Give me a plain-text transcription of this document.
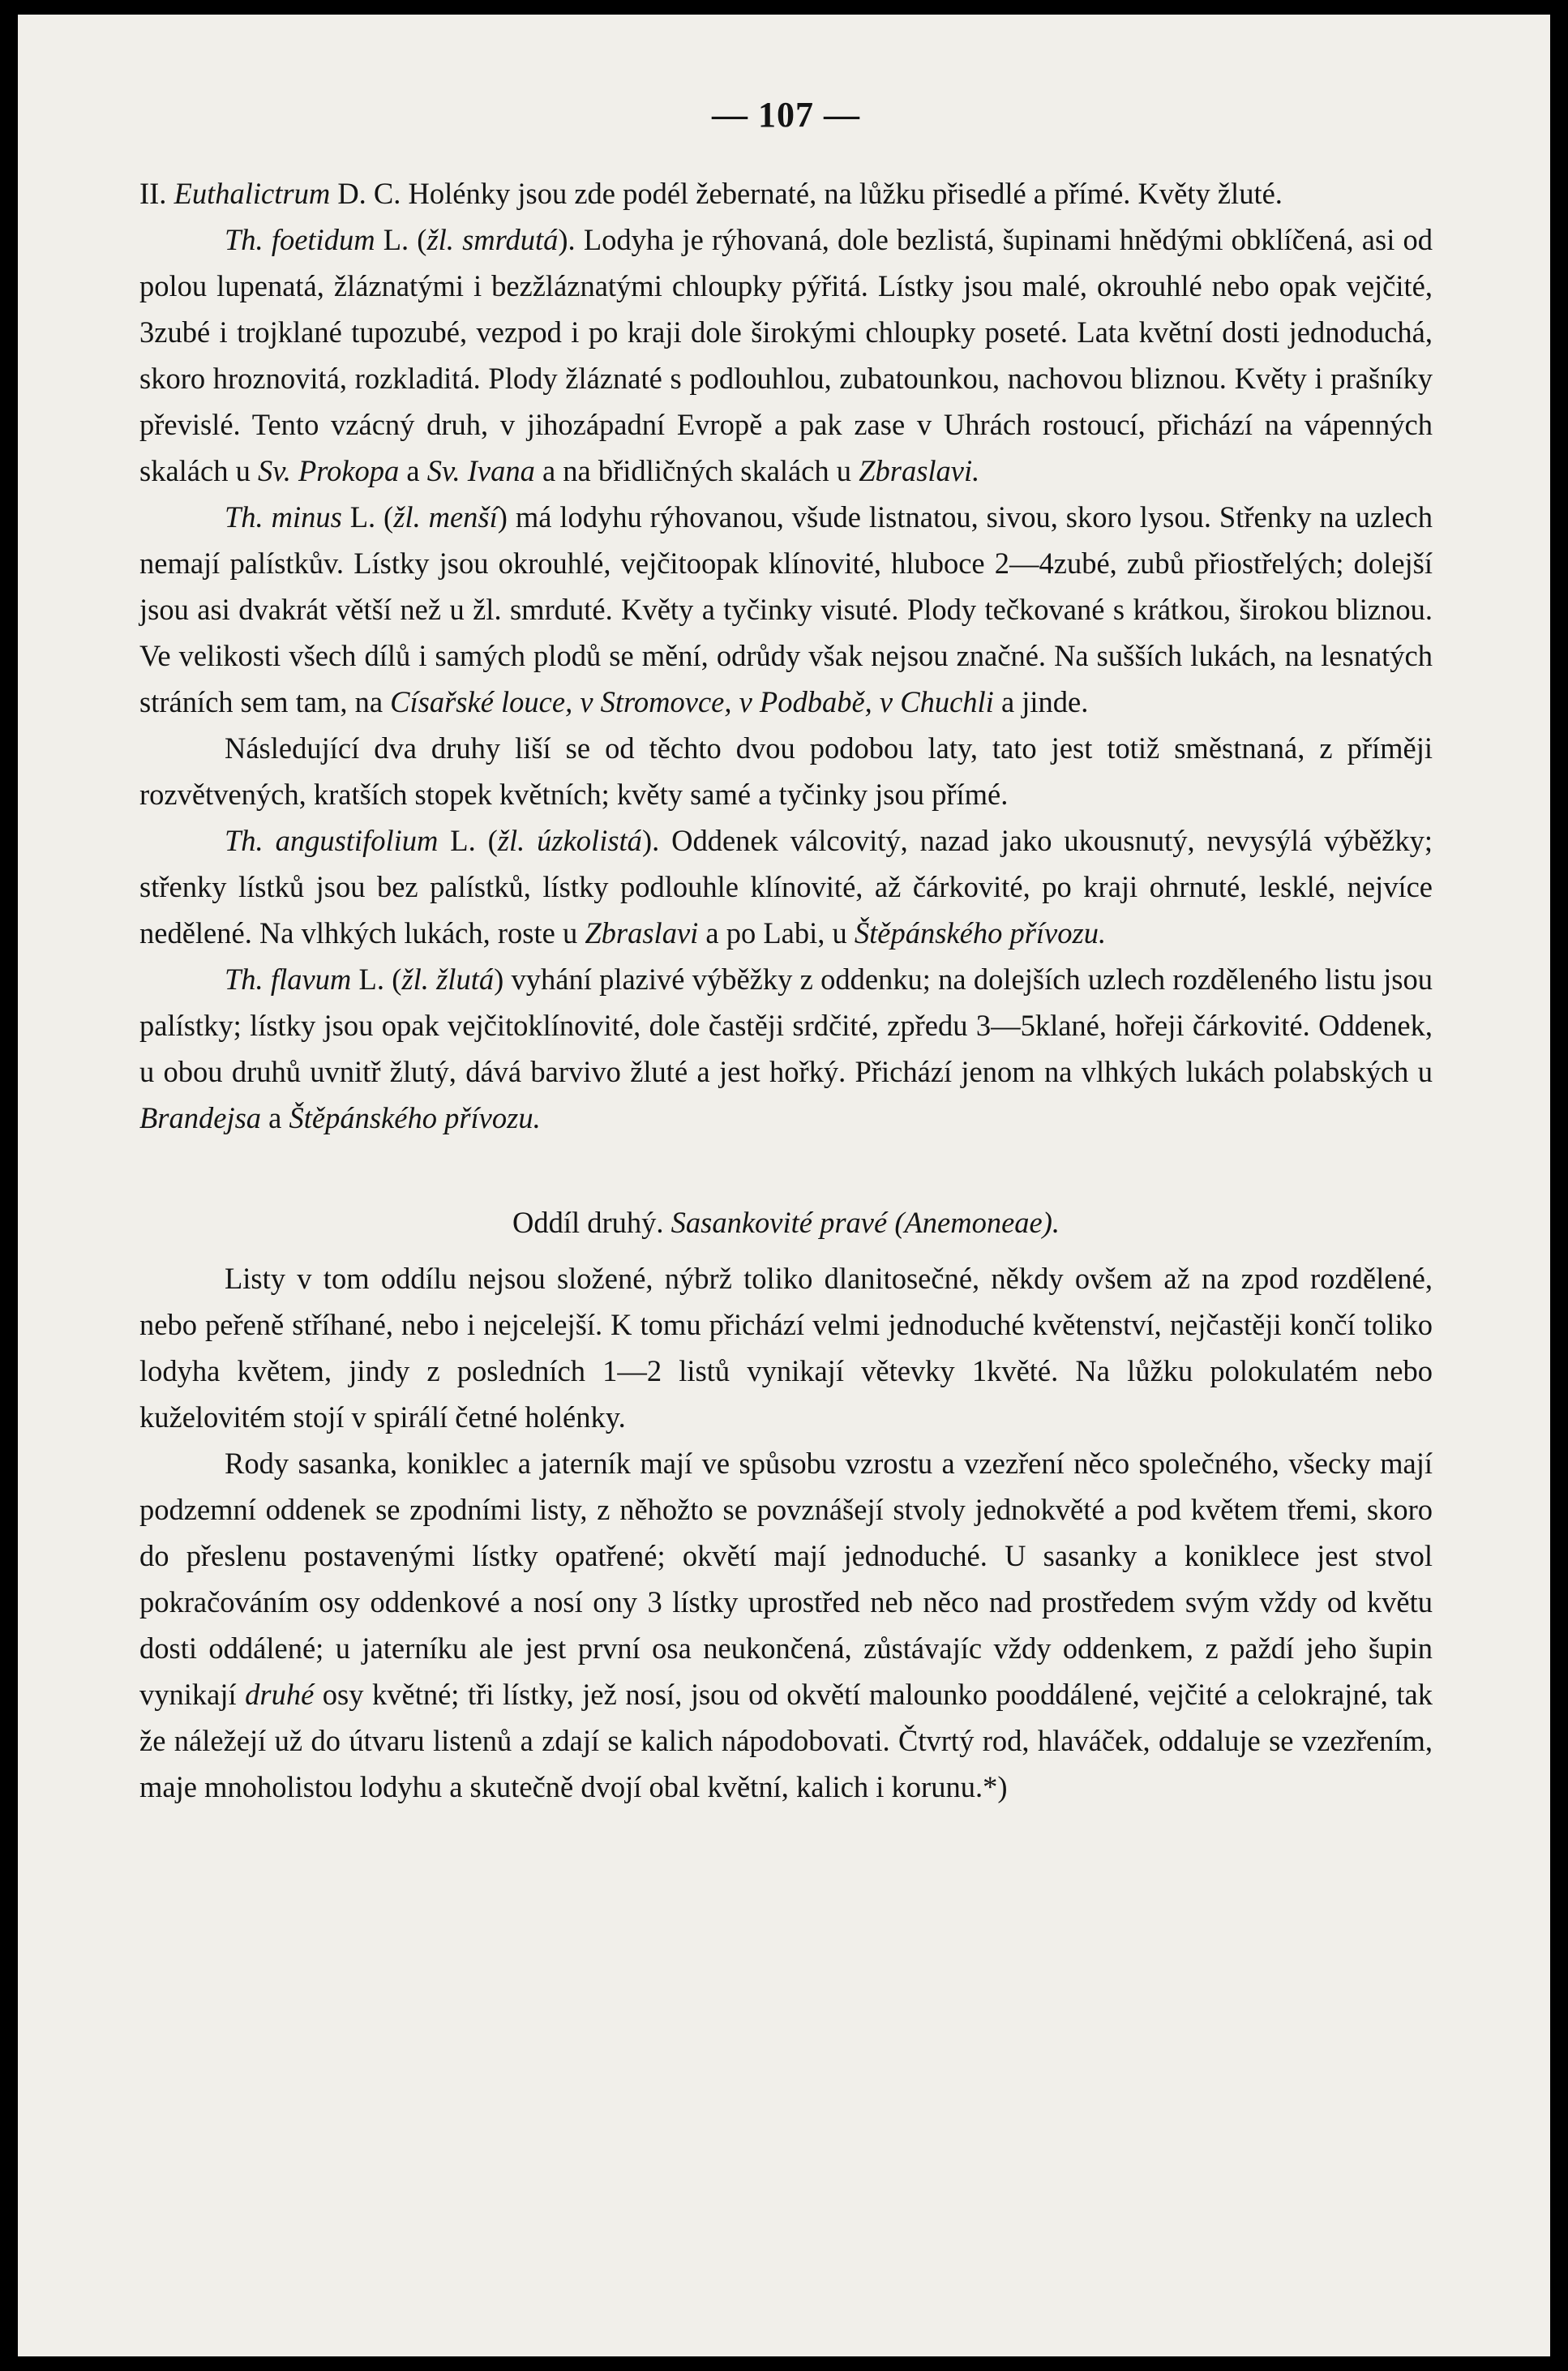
— 107 —

II. Euthalictrum D. C. Holénky jsou zde podél žebernaté, na lůžku přisedlé a přímé. Květy žluté.

Th. foetidum L. (žl. smrdutá). Lodyha je rýhovaná, dole bezlistá, šupinami hnědými obklíčená, asi od polou lupenatá, žláznatými i bezžláznatými chloupky pýřitá. Lístky jsou malé, okrouhlé nebo opak vejčité, 3zubé i trojklané tupozubé, vezpod i po kraji dole širokými chloupky poseté. Lata květní dosti jednoduchá, skoro hroznovitá, rozkladitá. Plody žláznaté s podlouhlou, zubatounkou, nachovou bliznou. Květy i prašníky převislé. Tento vzácný druh, v jihozápadní Evropě a pak zase v Uhrách rostoucí, přichází na vápenných skalách u Sv. Prokopa a Sv. Ivana a na břidličných skalách u Zbraslavi.

Th. minus L. (žl. menší) má lodyhu rýhovanou, všude listnatou, sivou, skoro lysou. Střenky na uzlech nemají palístkův. Lístky jsou okrouhlé, vejčitoopak klínovité, hluboce 2—4zubé, zubů přiostřelých; dolejší jsou asi dvakrát větší než u žl. smrduté. Květy a tyčinky visuté. Plody tečkované s krátkou, širokou bliznou. Ve velikosti všech dílů i samých plodů se mění, odrůdy však nejsou značné. Na sušších lukách, na lesnatých stráních sem tam, na Císařské louce, v Stromovce, v Podbabě, v Chuchli a jinde.

Následující dva druhy liší se od těchto dvou podobou laty, tato jest totiž směstnaná, z příměji rozvětvených, kratších stopek květních; květy samé a tyčinky jsou přímé.

Th. angustifolium L. (žl. úzkolistá). Oddenek válcovitý, nazad jako ukousnutý, nevysýlá výběžky; střenky lístků jsou bez palístků, lístky podlouhle klínovité, až čárkovité, po kraji ohrnuté, lesklé, nejvíce nedělené. Na vlhkých lukách, roste u Zbraslavi a po Labi, u Štěpánského přívozu.

Th. flavum L. (žl. žlutá) vyhání plazivé výběžky z oddenku; na dolejších uzlech rozděleného listu jsou palístky; lístky jsou opak vejčitoklínovité, dole častěji srdčité, zpředu 3—5klané, hořeji čárkovité. Oddenek, u obou druhů uvnitř žlutý, dává barvivo žluté a jest hořký. Přichází jenom na vlhkých lukách polabských u Brandejsa a Štěpánského přívozu.

Oddíl druhý. Sasankovité pravé (Anemoneae).

Listy v tom oddílu nejsou složené, nýbrž toliko dlanitosečné, někdy ovšem až na zpod rozdělené, nebo peřeně stříhané, nebo i nejcelejší. K tomu přichází velmi jednoduché květenství, nejčastěji končí toliko lodyha květem, jindy z posledních 1—2 listů vynikají větevky 1květé. Na lůžku polokulatém nebo kuželovitém stojí v spirálí četné holénky.

Rody sasanka, koniklec a jaterník mají ve spůsobu vzrostu a vzezření něco společného, všecky mají podzemní oddenek se zpodními listy, z něhožto se povznášejí stvoly jednokvěté a pod květem třemi, skoro do přeslenu postavenými lístky opatřené; okvětí mají jednoduché. U sasanky a koniklece jest stvol pokračováním osy oddenkové a nosí ony 3 lístky uprostřed neb něco nad prostředem svým vždy od květu dosti oddálené; u jaterníku ale jest první osa neukončená, zůstávajíc vždy oddenkem, z paždí jeho šupin vynikají druhé osy květné; tři lístky, jež nosí, jsou od okvětí malounko pooddálené, vejčité a celokrajné, tak že náležejí už do útvaru listenů a zdají se kalich nápodobovati. Čtvrtý rod, hlaváček, oddaluje se vzezřením, maje mnoholistou lodyhu a skutečně dvojí obal květní, kalich i korunu.*)
